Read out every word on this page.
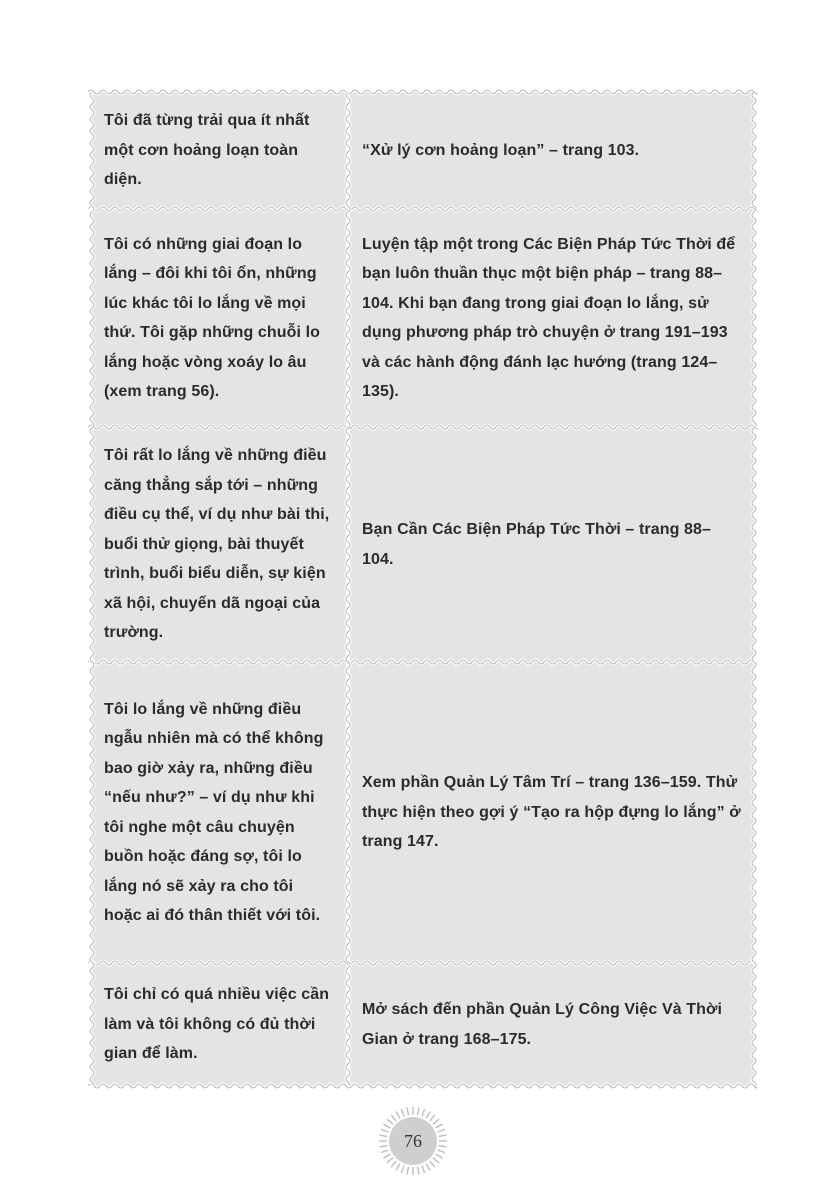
Tôi đã từng trải qua ít nhất một cơn hoảng loạn toàn diện.
“Xử lý cơn hoảng loạn” – trang 103.
Tôi có những giai đoạn lo lắng – đôi khi tôi ổn, những lúc khác tôi lo lắng về mọi thứ. Tôi gặp những chuỗi lo lắng hoặc vòng xoáy lo âu (xem trang 56).
Luyện tập một trong Các Biện Pháp Tức Thời để bạn luôn thuần thục một biện pháp – trang 88–104. Khi bạn đang trong giai đoạn lo lắng, sử dụng phương pháp trò chuyện ở trang 191–193 và các hành động đánh lạc hướng (trang 124–135).
Tôi rất lo lắng về những điều căng thẳng sắp tới – những điều cụ thể, ví dụ như bài thi, buổi thử giọng, bài thuyết trình, buổi biểu diễn, sự kiện xã hội, chuyến dã ngoại của trường.
Bạn Cần Các Biện Pháp Tức Thời – trang 88–104.
Tôi lo lắng về những điều ngẫu nhiên mà có thể không bao giờ xảy ra, những điều “nếu như?” – ví dụ như khi tôi nghe một câu chuyện buồn hoặc đáng sợ, tôi lo lắng nó sẽ xảy ra cho tôi hoặc ai đó thân thiết với tôi.
Xem phần Quản Lý Tâm Trí – trang 136–159. Thử thực hiện theo gợi ý “Tạo ra hộp đựng lo lắng” ở trang 147.
Tôi chỉ có quá nhiều việc cần làm và tôi không có đủ thời gian để làm.
Mở sách đến phần Quản Lý Công Việc Và Thời Gian ở trang 168–175.
76
